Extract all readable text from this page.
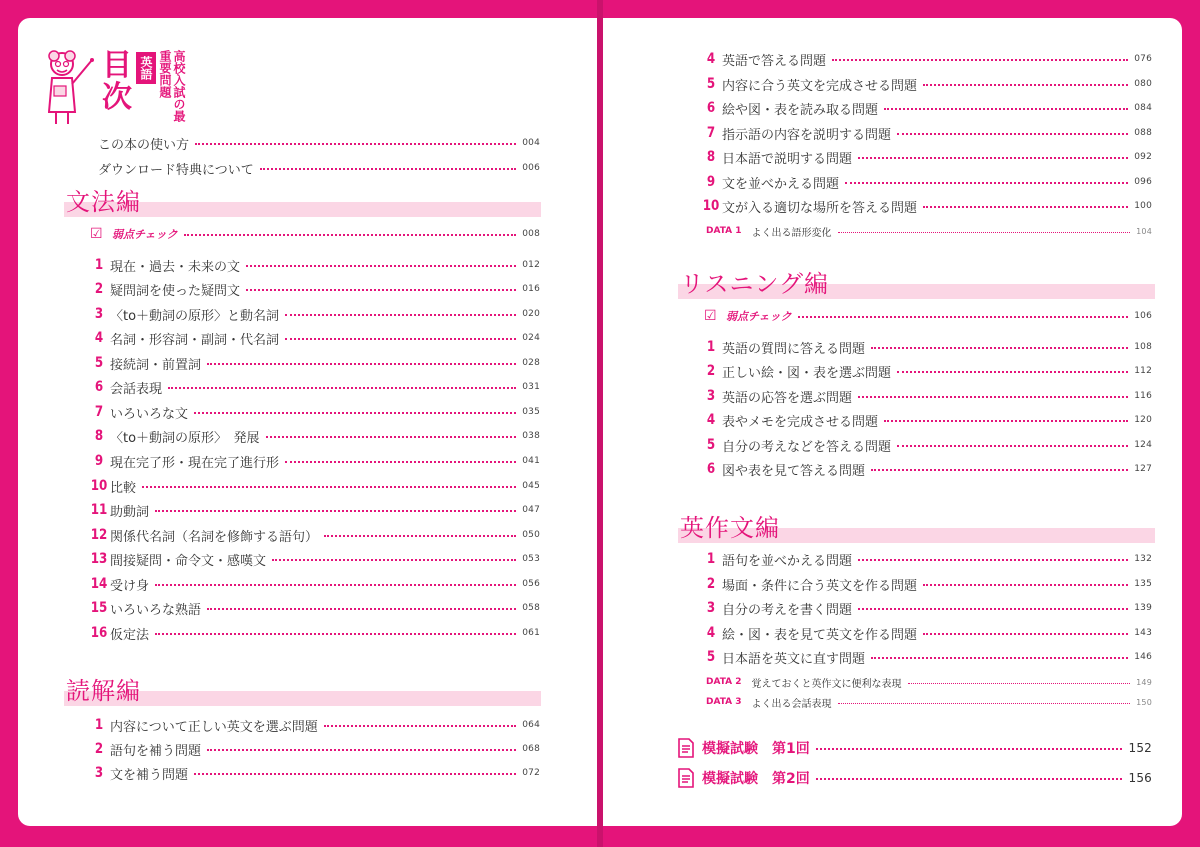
目次
英語	高校入試の最重要問題
この本の使い方	004
ダウンロード特典について	006
文法編
☑ 弱点チェック	008
1 現在・過去・未来の文	012
2 疑問詞を使った疑問文	016
3 〈to＋動詞の原形〉と動名詞	020
4 名詞・形容詞・副詞・代名詞	024
5 接続詞・前置詞	028
6 会話表現	031
7 いろいろな文	035
8 〈to＋動詞の原形〉　発展	038
9 現在完了形・現在完了進行形	041
10 比較	045
11 助動詞	047
12 関係代名詞（名詞を修飾する語句）	050
13 間接疑問・命令文・感嘆文	053
14 受け身	056
15 いろいろな熟語	058
16 仮定法	061
読解編
1 内容について正しい英文を選ぶ問題	064
2 語句を補う問題	068
3 文を補う問題	072
4 英語で答える問題	076
5 内容に合う英文を完成させる問題	080
6 絵や図・表を読み取る問題	084
7 指示語の内容を説明する問題	088
8 日本語で説明する問題	092
9 文を並べかえる問題	096
10 文が入る適切な場所を答える問題	100
DATA 1 よく出る語形変化	104
リスニング編
☑ 弱点チェック	106
1 英語の質問に答える問題	108
2 正しい絵・図・表を選ぶ問題	112
3 英語の応答を選ぶ問題	116
4 表やメモを完成させる問題	120
5 自分の考えなどを答える問題	124
6 図や表を見て答える問題	127
英作文編
1 語句を並べかえる問題	132
2 場面・条件に合う英文を作る問題	135
3 自分の考えを書く問題	139
4 絵・図・表を見て英文を作る問題	143
5 日本語を英文に直す問題	146
DATA 2 覚えておくと英作文に便利な表現	149
DATA 3 よく出る会話表現	150
模擬試験　第1回	152
模擬試験　第2回	156
